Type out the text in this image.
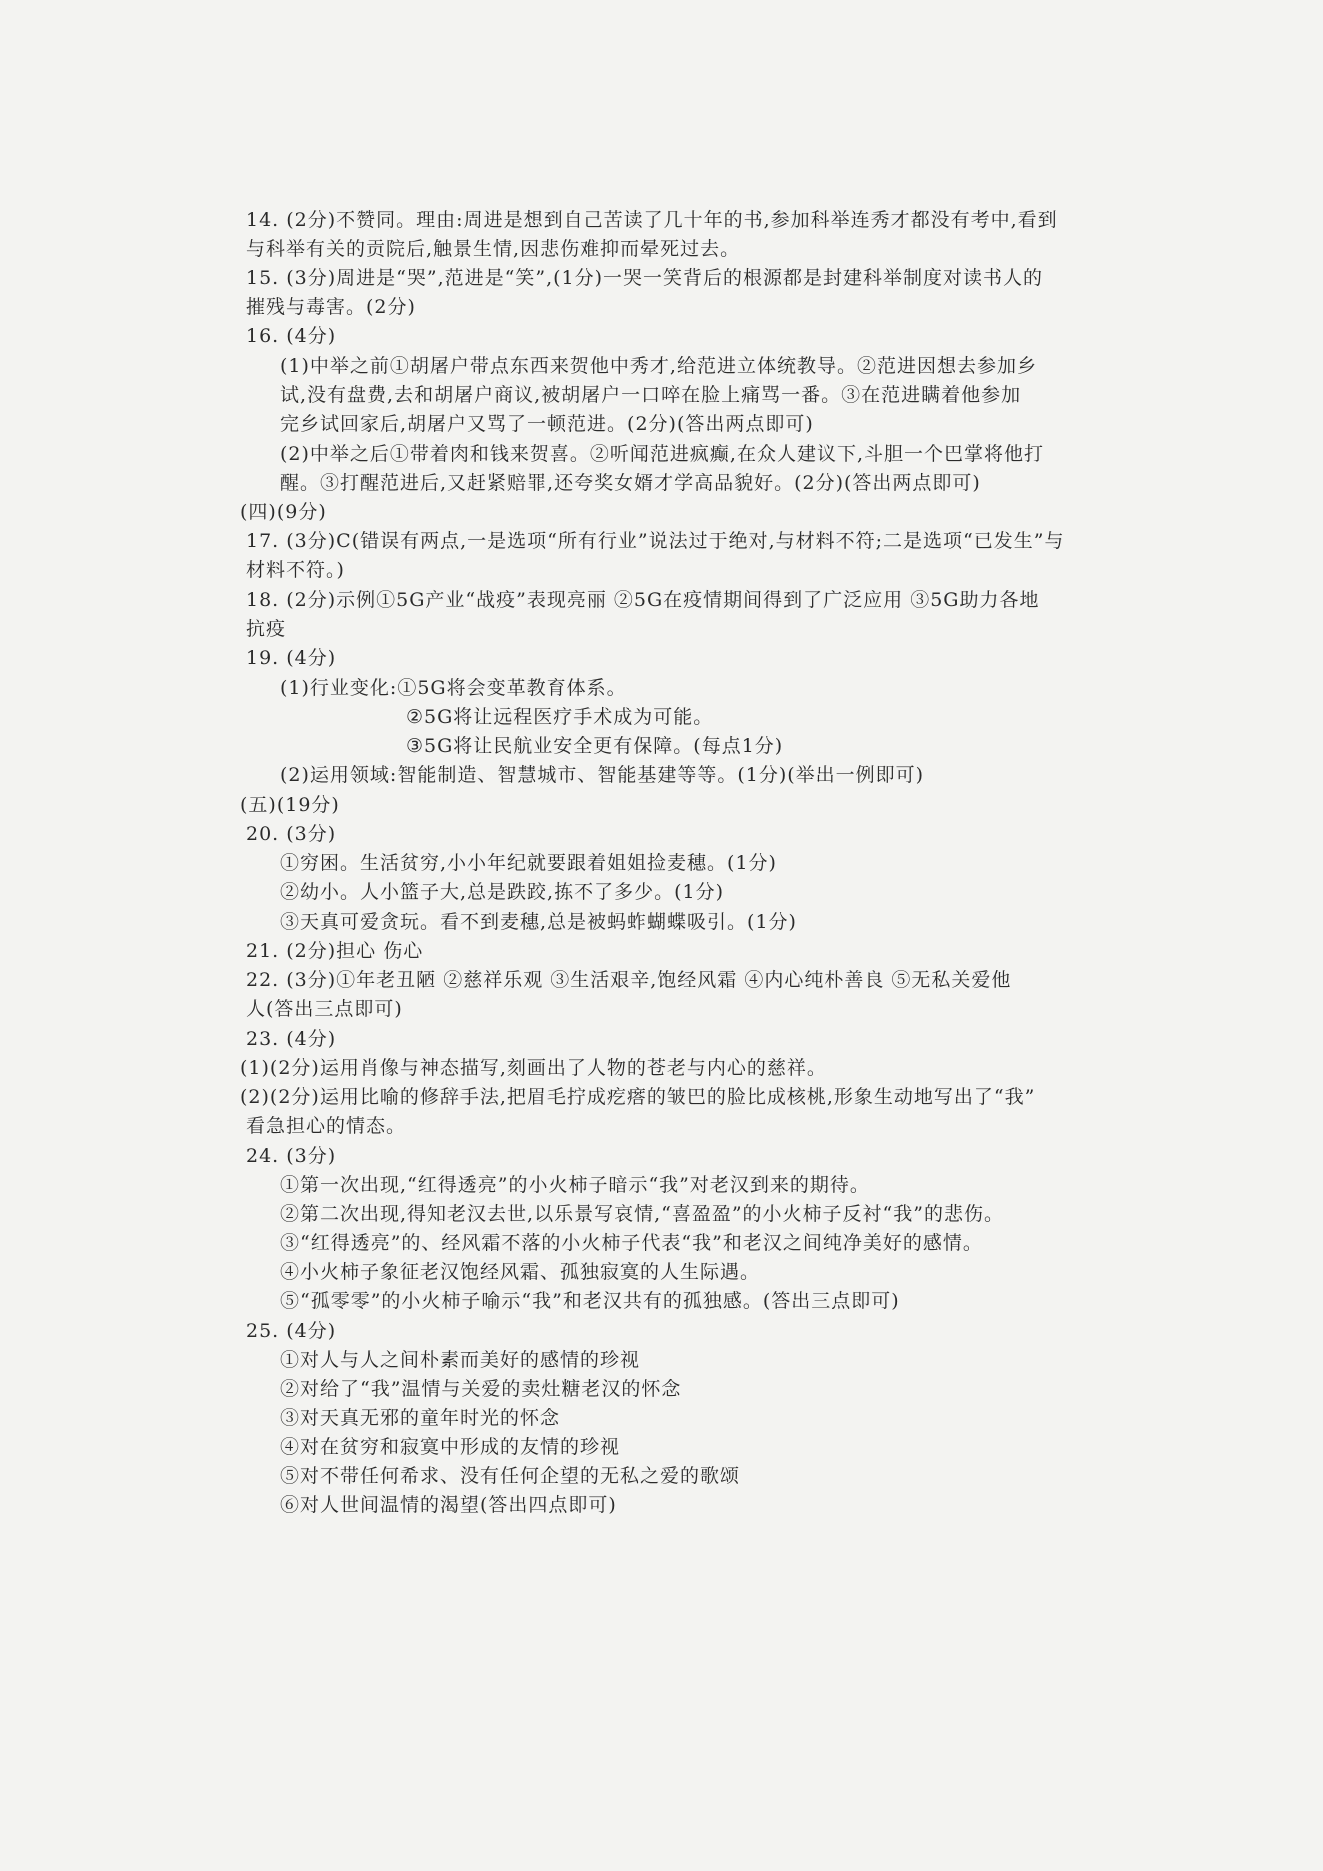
14. (2分)不赞同。理由:周进是想到自己苦读了几十年的书,参加科举连秀才都没有考中,看到
与科举有关的贡院后,触景生情,因悲伤难抑而晕死过去。
15. (3分)周进是“哭”,范进是“笑”,(1分)一哭一笑背后的根源都是封建科举制度对读书人的
摧残与毒害。(2分)
16. (4分)
(1)中举之前①胡屠户带点东西来贺他中秀才,给范进立体统教导。②范进因想去参加乡
试,没有盘费,去和胡屠户商议,被胡屠户一口啐在脸上痛骂一番。③在范进瞒着他参加
完乡试回家后,胡屠户又骂了一顿范进。(2分)(答出两点即可)
(2)中举之后①带着肉和钱来贺喜。②听闻范进疯癫,在众人建议下,斗胆一个巴掌将他打
醒。③打醒范进后,又赶紧赔罪,还夸奖女婿才学高品貌好。(2分)(答出两点即可)
(四)(9分)
17. (3分)C(错误有两点,一是选项“所有行业”说法过于绝对,与材料不符;二是选项“已发生”与
材料不符。)
18. (2分)示例①5G产业“战疫”表现亮丽 ②5G在疫情期间得到了广泛应用 ③5G助力各地
抗疫
19. (4分)
(1)行业变化:①5G将会变革教育体系。
②5G将让远程医疗手术成为可能。
③5G将让民航业安全更有保障。(每点1分)
(2)运用领域:智能制造、智慧城市、智能基建等等。(1分)(举出一例即可)
(五)(19分)
20. (3分)
①穷困。生活贫穷,小小年纪就要跟着姐姐捡麦穗。(1分)
②幼小。人小篮子大,总是跌跤,拣不了多少。(1分)
③天真可爱贪玩。看不到麦穗,总是被蚂蚱蝴蝶吸引。(1分)
21. (2分)担心 伤心
22. (3分)①年老丑陋 ②慈祥乐观 ③生活艰辛,饱经风霜 ④内心纯朴善良 ⑤无私关爱他
人(答出三点即可)
23. (4分)
(1)(2分)运用肖像与神态描写,刻画出了人物的苍老与内心的慈祥。
(2)(2分)运用比喻的修辞手法,把眉毛拧成疙瘩的皱巴的脸比成核桃,形象生动地写出了“我”
看急担心的情态。
24. (3分)
①第一次出现,“红得透亮”的小火柿子暗示“我”对老汉到来的期待。
②第二次出现,得知老汉去世,以乐景写哀情,“喜盈盈”的小火柿子反衬“我”的悲伤。
③“红得透亮”的、经风霜不落的小火柿子代表“我”和老汉之间纯净美好的感情。
④小火柿子象征老汉饱经风霜、孤独寂寞的人生际遇。
⑤“孤零零”的小火柿子喻示“我”和老汉共有的孤独感。(答出三点即可)
25. (4分)
①对人与人之间朴素而美好的感情的珍视
②对给了“我”温情与关爱的卖灶糖老汉的怀念
③对天真无邪的童年时光的怀念
④对在贫穷和寂寞中形成的友情的珍视
⑤对不带任何希求、没有任何企望的无私之爱的歌颂
⑥对人世间温情的渴望(答出四点即可)
